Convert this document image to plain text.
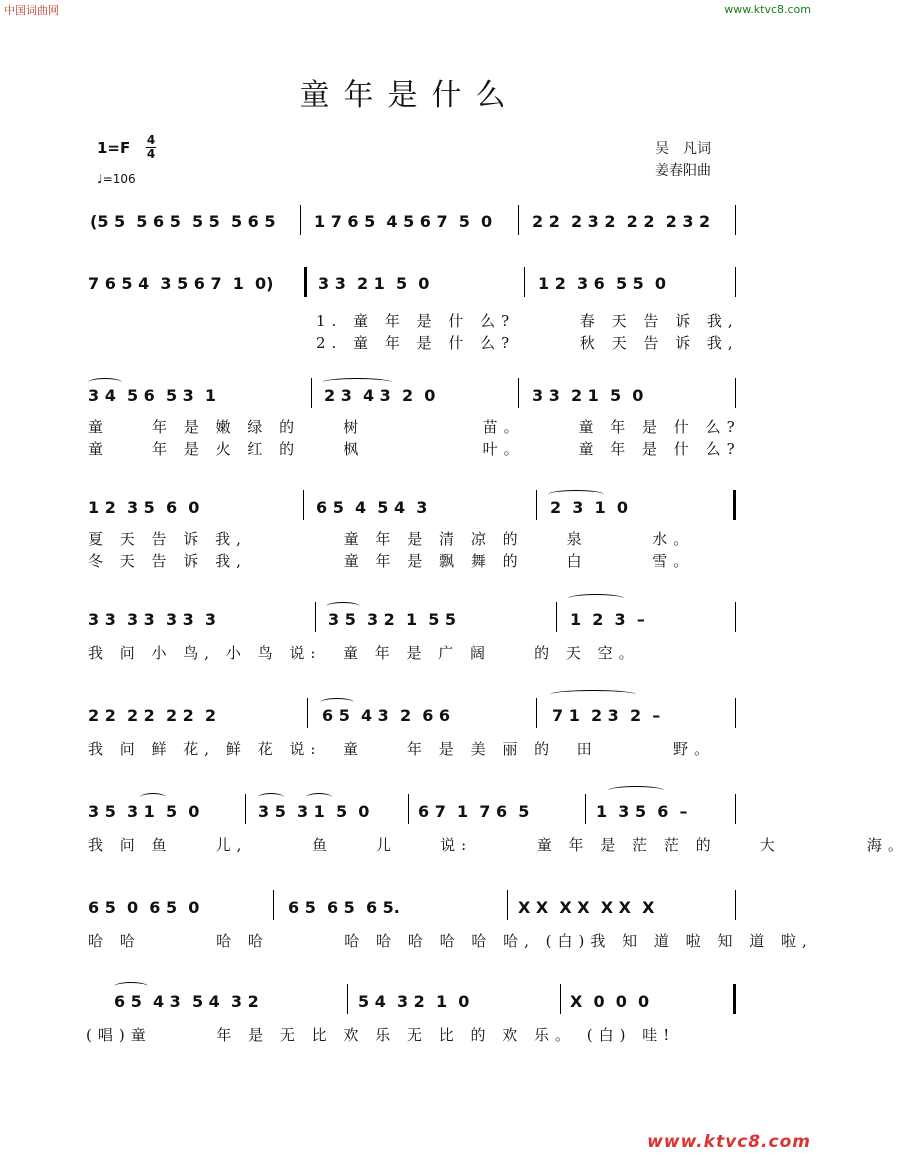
中国词曲网	www.ktvc8.com
童年是什么
1=F 4
4
♩=106
吴　凡词
姜春阳曲
(5 5  5 6 5  5 5  5 6 5 1 7 6 5  4 5 6 7  5  0 2 2  2 3 2  2 2  2 3 2
7 6 5 4  3 5 6 7  1  0)	3 3  2 1  5  0	1 2  3 6  5 5  0
1. 童 年 是 什 么?      春 天 告 诉 我,
2. 童 年 是 什 么?      秋 天 告 诉 我,
3 4  5 6  5 3  1	2 3  4 3  2  0	3 3  2 1  5  0
童    年 是 嫩 绿 的    树           苗。     童 年 是 什 么?
童    年 是 火 红 的    枫           叶。     童 年 是 什 么?
1 2  3 5  6  0	6 5  4  5 4  3	2  3  1  0
夏 天 告 诉 我,         童 年 是 清 凉 的    泉      水。
冬 天 告 诉 我,         童 年 是 飘 舞 的    白      雪。
3 3  3 3  3 3  3	3 5  3 2  1  5 5	1  2  3  –
我 问 小 鸟, 小 鸟 说:  童 年 是 广 阔    的 天 空。
2 2  2 2  2 2  2	6 5  4 3  2  6 6	7 1  2 3  2  –
我 问 鲜 花, 鲜 花 说:  童    年 是 美 丽 的  田       野。
3 5  3 1  5  0	3 5  3 1  5  0	6 7  1  7 6  5	1  3 5  6  –
我 问 鱼    儿,      鱼    儿    说:      童 年 是 茫 茫 的    大        海。
6 5  0  6 5  0	6 5  6 5  6 5.	X X  X X  X X  X
哈 哈       哈 哈       哈 哈 哈 哈 哈 哈, (白)我 知 道 啦 知 道 啦,
6 5  4 3  5 4  3 2	5 4  3 2  1  0	X  0  0  0
(唱)童      年 是 无 比 欢 乐 无 比 的 欢 乐。 (白) 哇!
www.ktvc8.com
